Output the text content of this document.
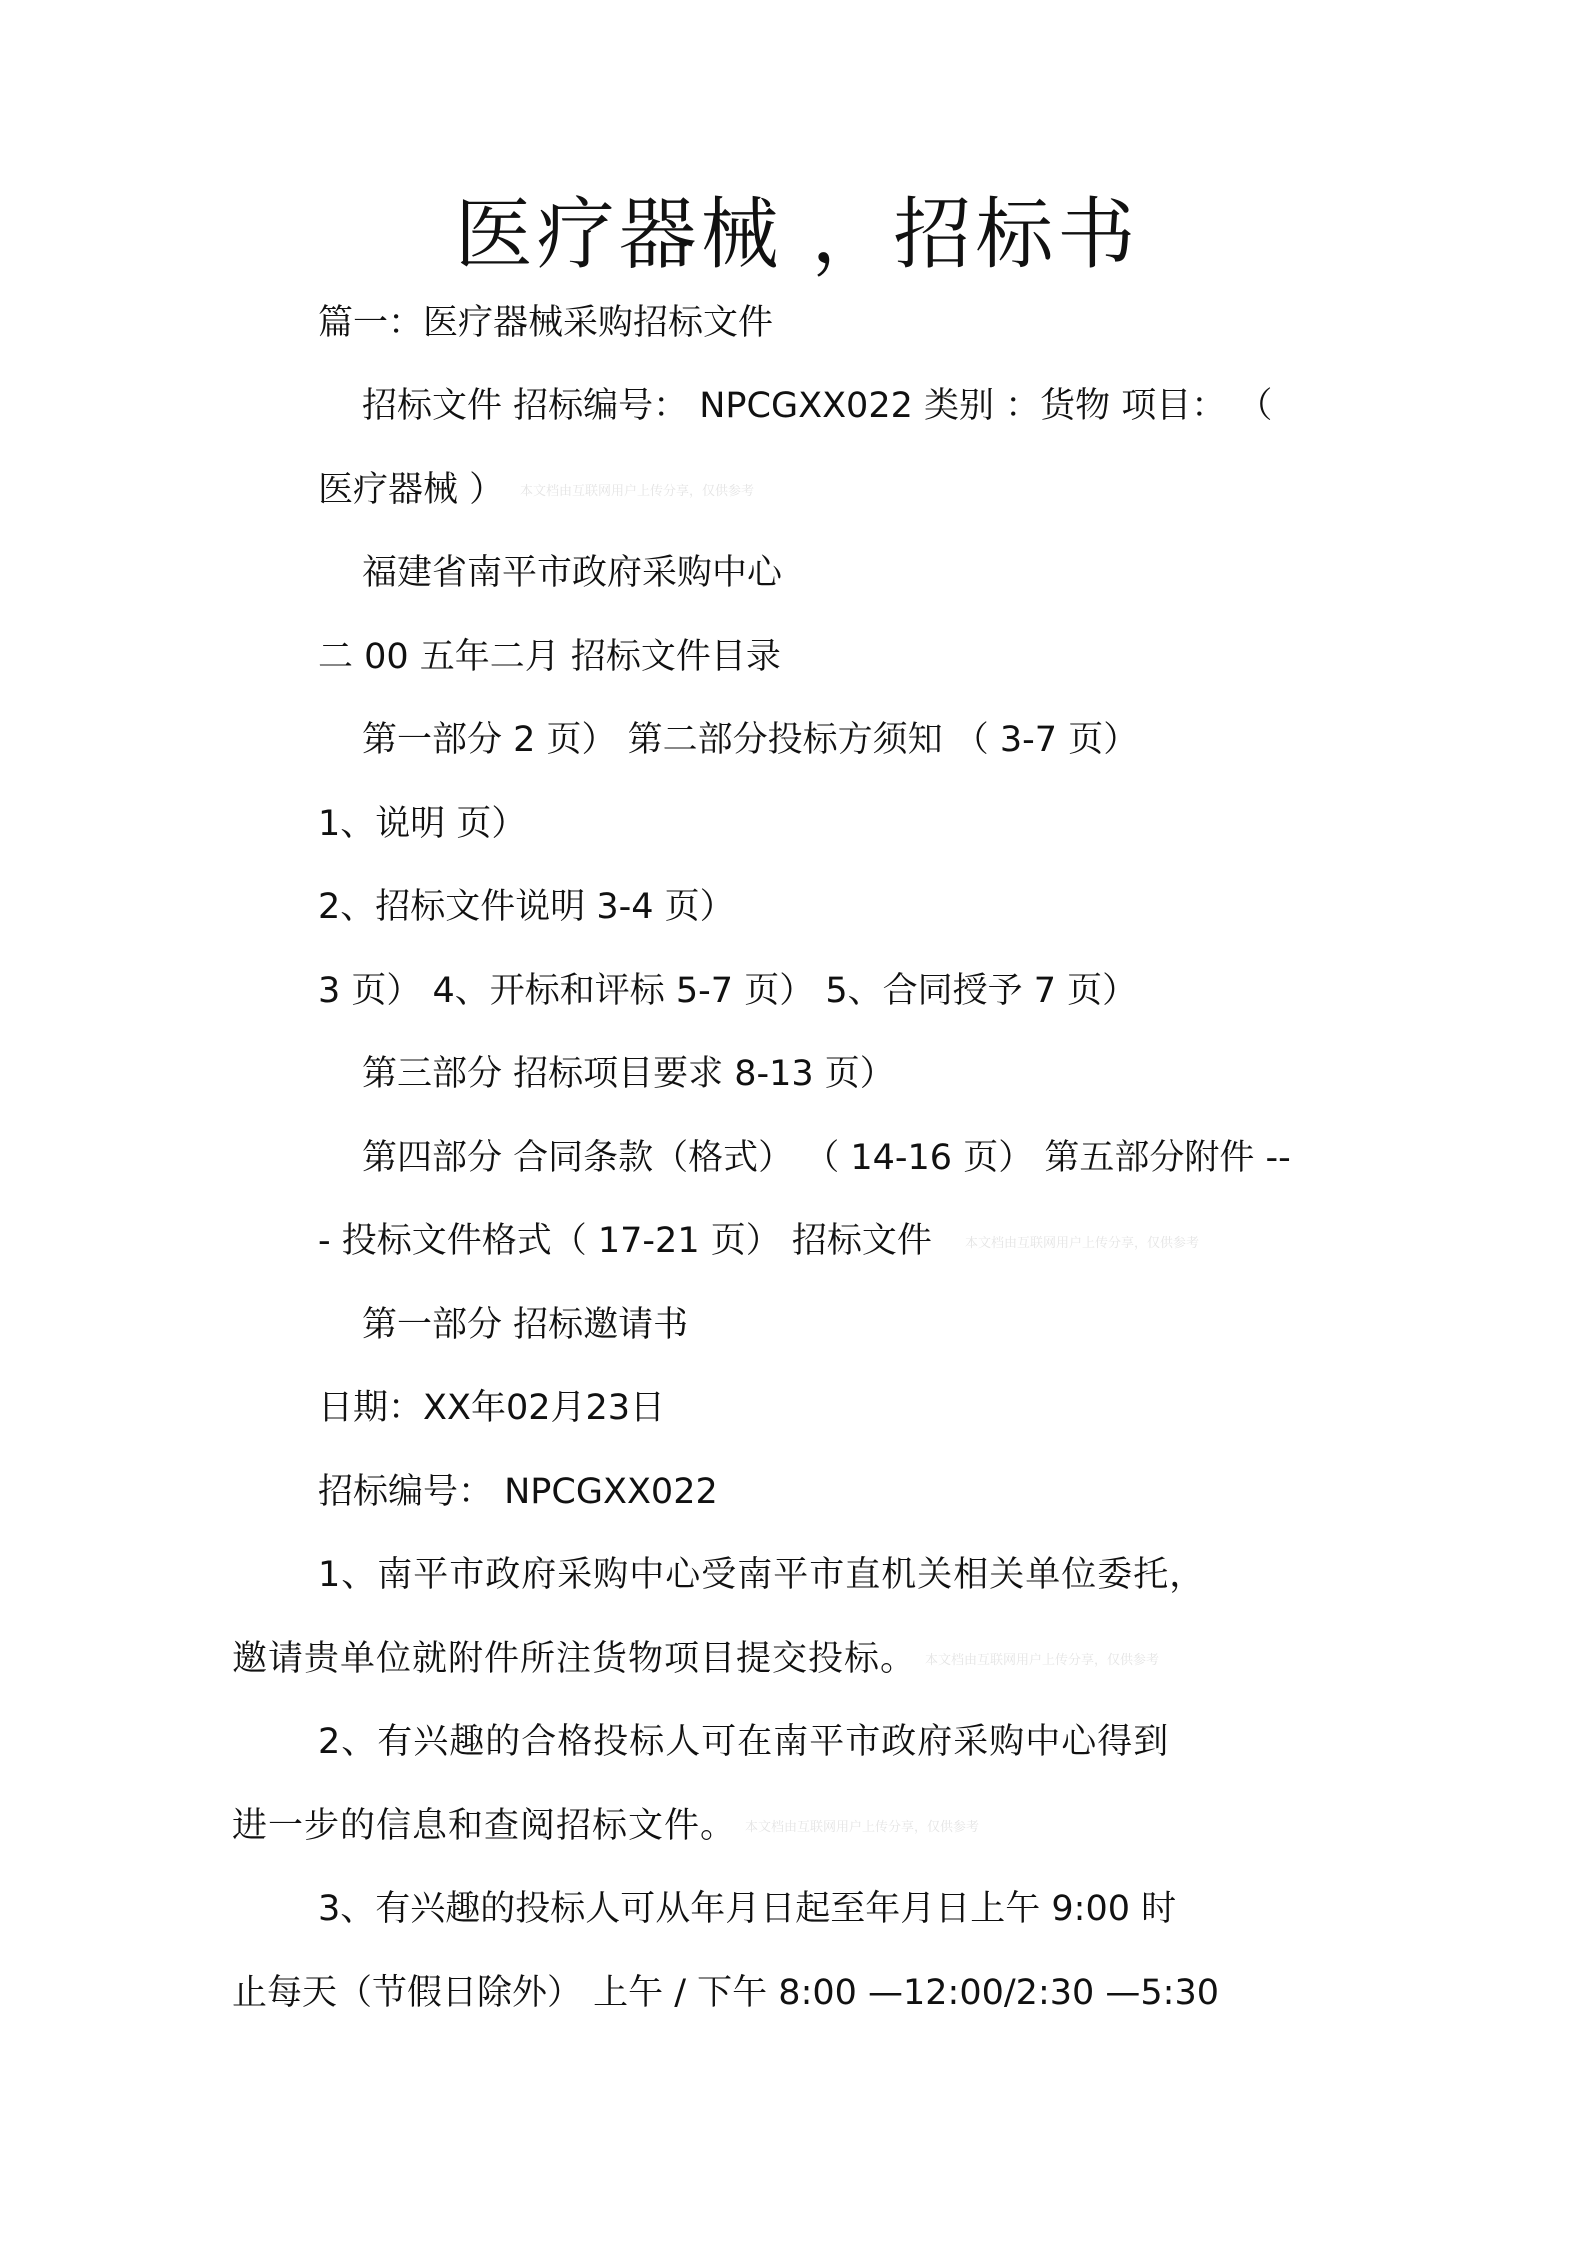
医疗器械 ，招标书
篇一：医疗器械采购招标文件
招标文件 招标编号： NPCGXX022 类别 ：货物 项目： （
医疗器械 ）
福建省南平市政府采购中心
二 00 五年二月 招标文件目录
第一部分 2 页） 第二部分投标方须知 （ 3-7 页）
1、说明 页）
2、招标文件说明 3-4 页）
3 页） 4、开标和评标 5-7 页） 5、合同授予 7 页）
第三部分 招标项目要求 8-13 页）
第四部分 合同条款（格式） （ 14-16 页） 第五部分附件 --
- 投标文件格式（ 17-21 页） 招标文件
第一部分 招标邀请书
日期：XX年02月23日
招标编号： NPCGXX022
1、南平市政府采购中心受南平市直机关相关单位委托，
邀请贵单位就附件所注货物项目提交投标。
2、有兴趣的合格投标人可在南平市政府采购中心得到
进一步的信息和查阅招标文件。
3、有兴趣的投标人可从年月日起至年月日上午 9:00 时
止每天（节假日除外） 上午 / 下午 8:00 —12:00/2:30 —5:30
本文档由互联网用户上传分享，仅供参考
本文档由互联网用户上传分享，仅供参考
本文档由互联网用户上传分享，仅供参考
本文档由互联网用户上传分享，仅供参考
